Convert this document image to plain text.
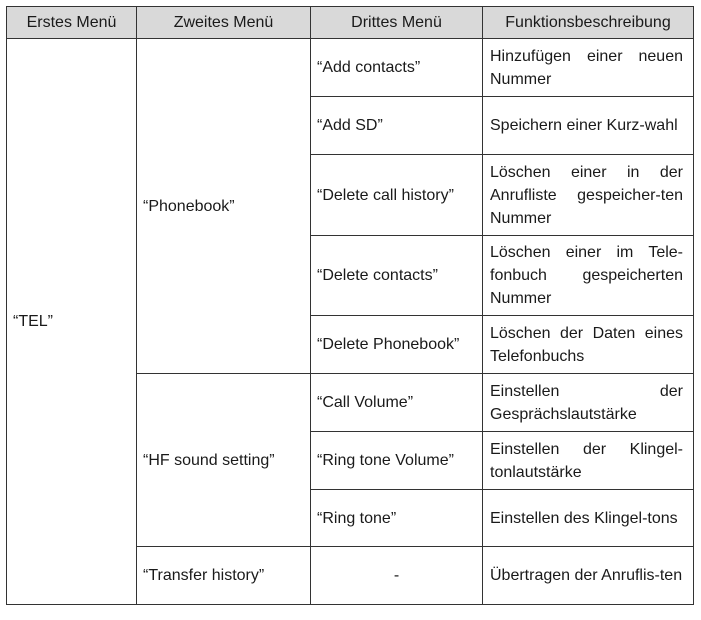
Erstes Menü	Zweites Menü	Drittes Menü	Funktionsbeschreibung
“TEL”	“Phonebook”	“Add contacts”	Hinzufügen einer neuen Nummer
		“Add SD”	Speichern einer Kurz-wahl
		“Delete call history”	Löschen einer in der Anrufliste gespeicher-ten Nummer
		“Delete contacts”	Löschen einer im Tele-fonbuch gespeicherten Nummer
		“Delete Phonebook”	Löschen der Daten eines Telefonbuchs
	“HF sound setting”	“Call Volume”	Einstellen der Gesprächslautstärke
		“Ring tone Volume”	Einstellen der Klingel-tonlautstärke
		“Ring tone”	Einstellen des Klingel-tons
	“Transfer history”	-	Übertragen der Anruflis-ten
